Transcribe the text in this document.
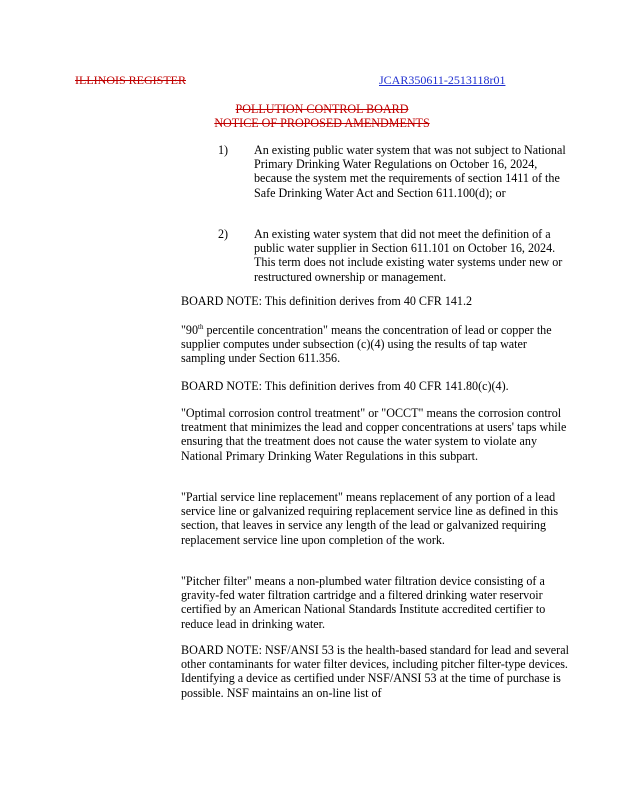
ILLINOIS REGISTER	JCAR350611-2513118r01
POLLUTION CONTROL BOARD
NOTICE OF PROPOSED AMENDMENTS
1) An existing public water system that was not subject to National Primary Drinking Water Regulations on October 16, 2024, because the system met the requirements of section 1411 of the Safe Drinking Water Act and Section 611.100(d); or
2) An existing water system that did not meet the definition of a public water supplier in Section 611.101 on October 16, 2024. This term does not include existing water systems under new or restructured ownership or management.
BOARD NOTE: This definition derives from 40 CFR 141.2
"90th percentile concentration" means the concentration of lead or copper the supplier computes under subsection (c)(4) using the results of tap water sampling under Section 611.356.
BOARD NOTE: This definition derives from 40 CFR 141.80(c)(4).
"Optimal corrosion control treatment" or "OCCT" means the corrosion control treatment that minimizes the lead and copper concentrations at users' taps while ensuring that the treatment does not cause the water system to violate any National Primary Drinking Water Regulations in this subpart.
"Partial service line replacement" means replacement of any portion of a lead service line or galvanized requiring replacement service line as defined in this section, that leaves in service any length of the lead or galvanized requiring replacement service line upon completion of the work.
"Pitcher filter" means a non-plumbed water filtration device consisting of a gravity-fed water filtration cartridge and a filtered drinking water reservoir certified by an American National Standards Institute accredited certifier to reduce lead in drinking water.
BOARD NOTE: NSF/ANSI 53 is the health-based standard for lead and several other contaminants for water filter devices, including pitcher filter-type devices. Identifying a device as certified under NSF/ANSI 53 at the time of purchase is possible. NSF maintains an on-line list of
